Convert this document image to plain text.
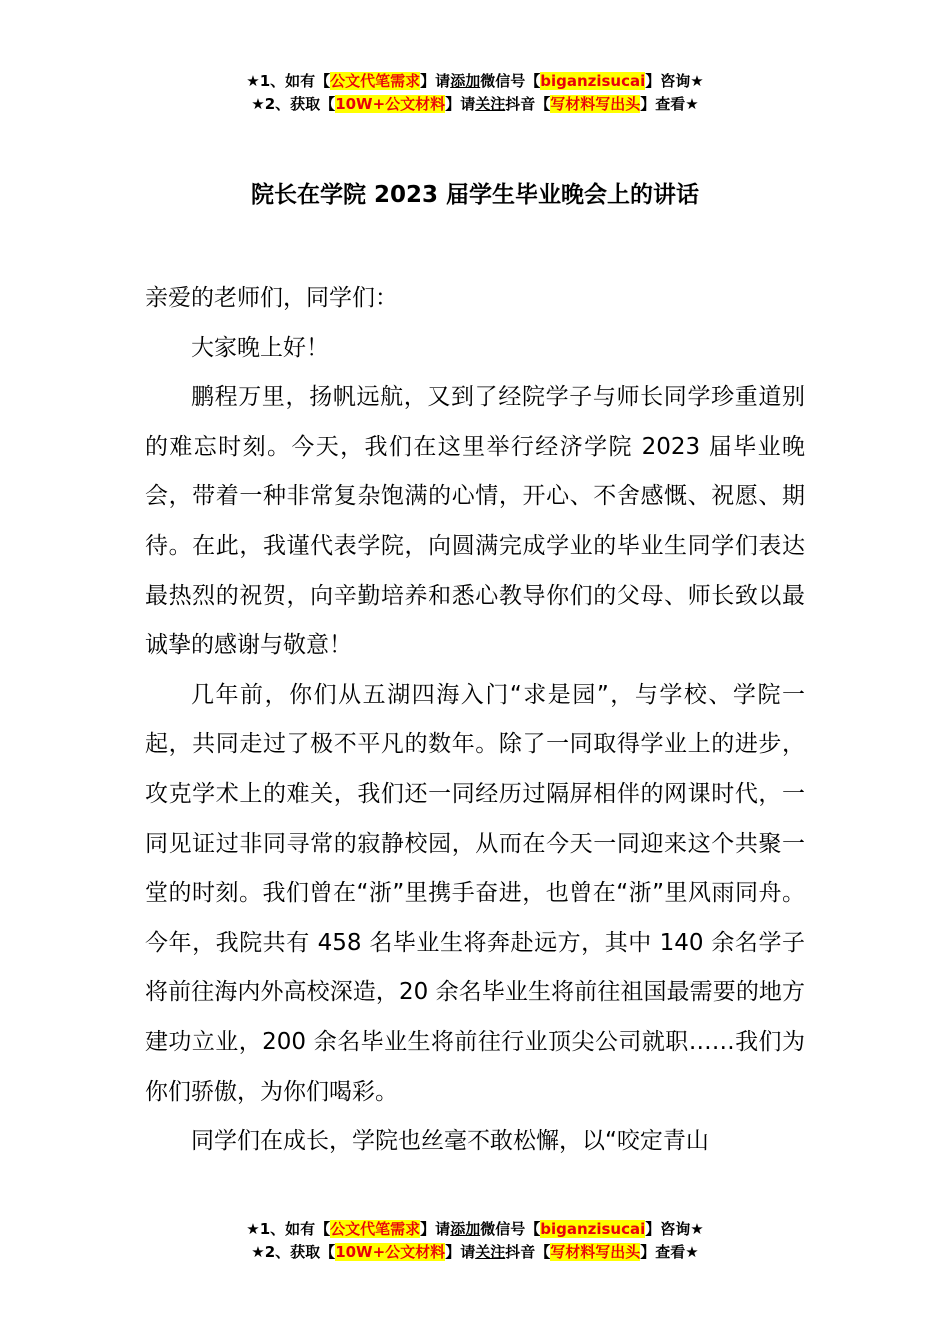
★1、如有【公文代笔需求】请添加微信号【biganzisucai】咨询★
★2、获取【10W+公文材料】请关注抖音【写材料写出头】查看★
院长在学院 2023 届学生毕业晚会上的讲话

亲爱的老师们，同学们：

大家晚上好！

鹏程万里，扬帆远航，又到了经院学子与师长同学珍重道别的难忘时刻。今天，我们在这里举行经济学院 2023 届毕业晚会，带着一种非常复杂饱满的心情，开心、不舍感慨、祝愿、期待。在此，我谨代表学院，向圆满完成学业的毕业生同学们表达最热烈的祝贺，向辛勤培养和悉心教导你们的父母、师长致以最诚挚的感谢与敬意！

几年前，你们从五湖四海入门“求是园”，与学校、学院一起，共同走过了极不平凡的数年。除了一同取得学业上的进步，攻克学术上的难关，我们还一同经历过隔屏相伴的网课时代，一同见证过非同寻常的寂静校园，从而在今天一同迎来这个共聚一堂的时刻。我们曾在“浙”里携手奋进，也曾在“浙”里风雨同舟。今年，我院共有 458 名毕业生将奔赴远方，其中 140 余名学子将前往海内外高校深造，20 余名毕业生将前往祖国最需要的地方建功立业，200 余名毕业生将前往行业顶尖公司就职……我们为你们骄傲，为你们喝彩。

同学们在成长，学院也丝毫不敢松懈，以“咬定青山

★1、如有【公文代笔需求】请添加微信号【biganzisucai】咨询★
★2、获取【10W+公文材料】请关注抖音【写材料写出头】查看★
